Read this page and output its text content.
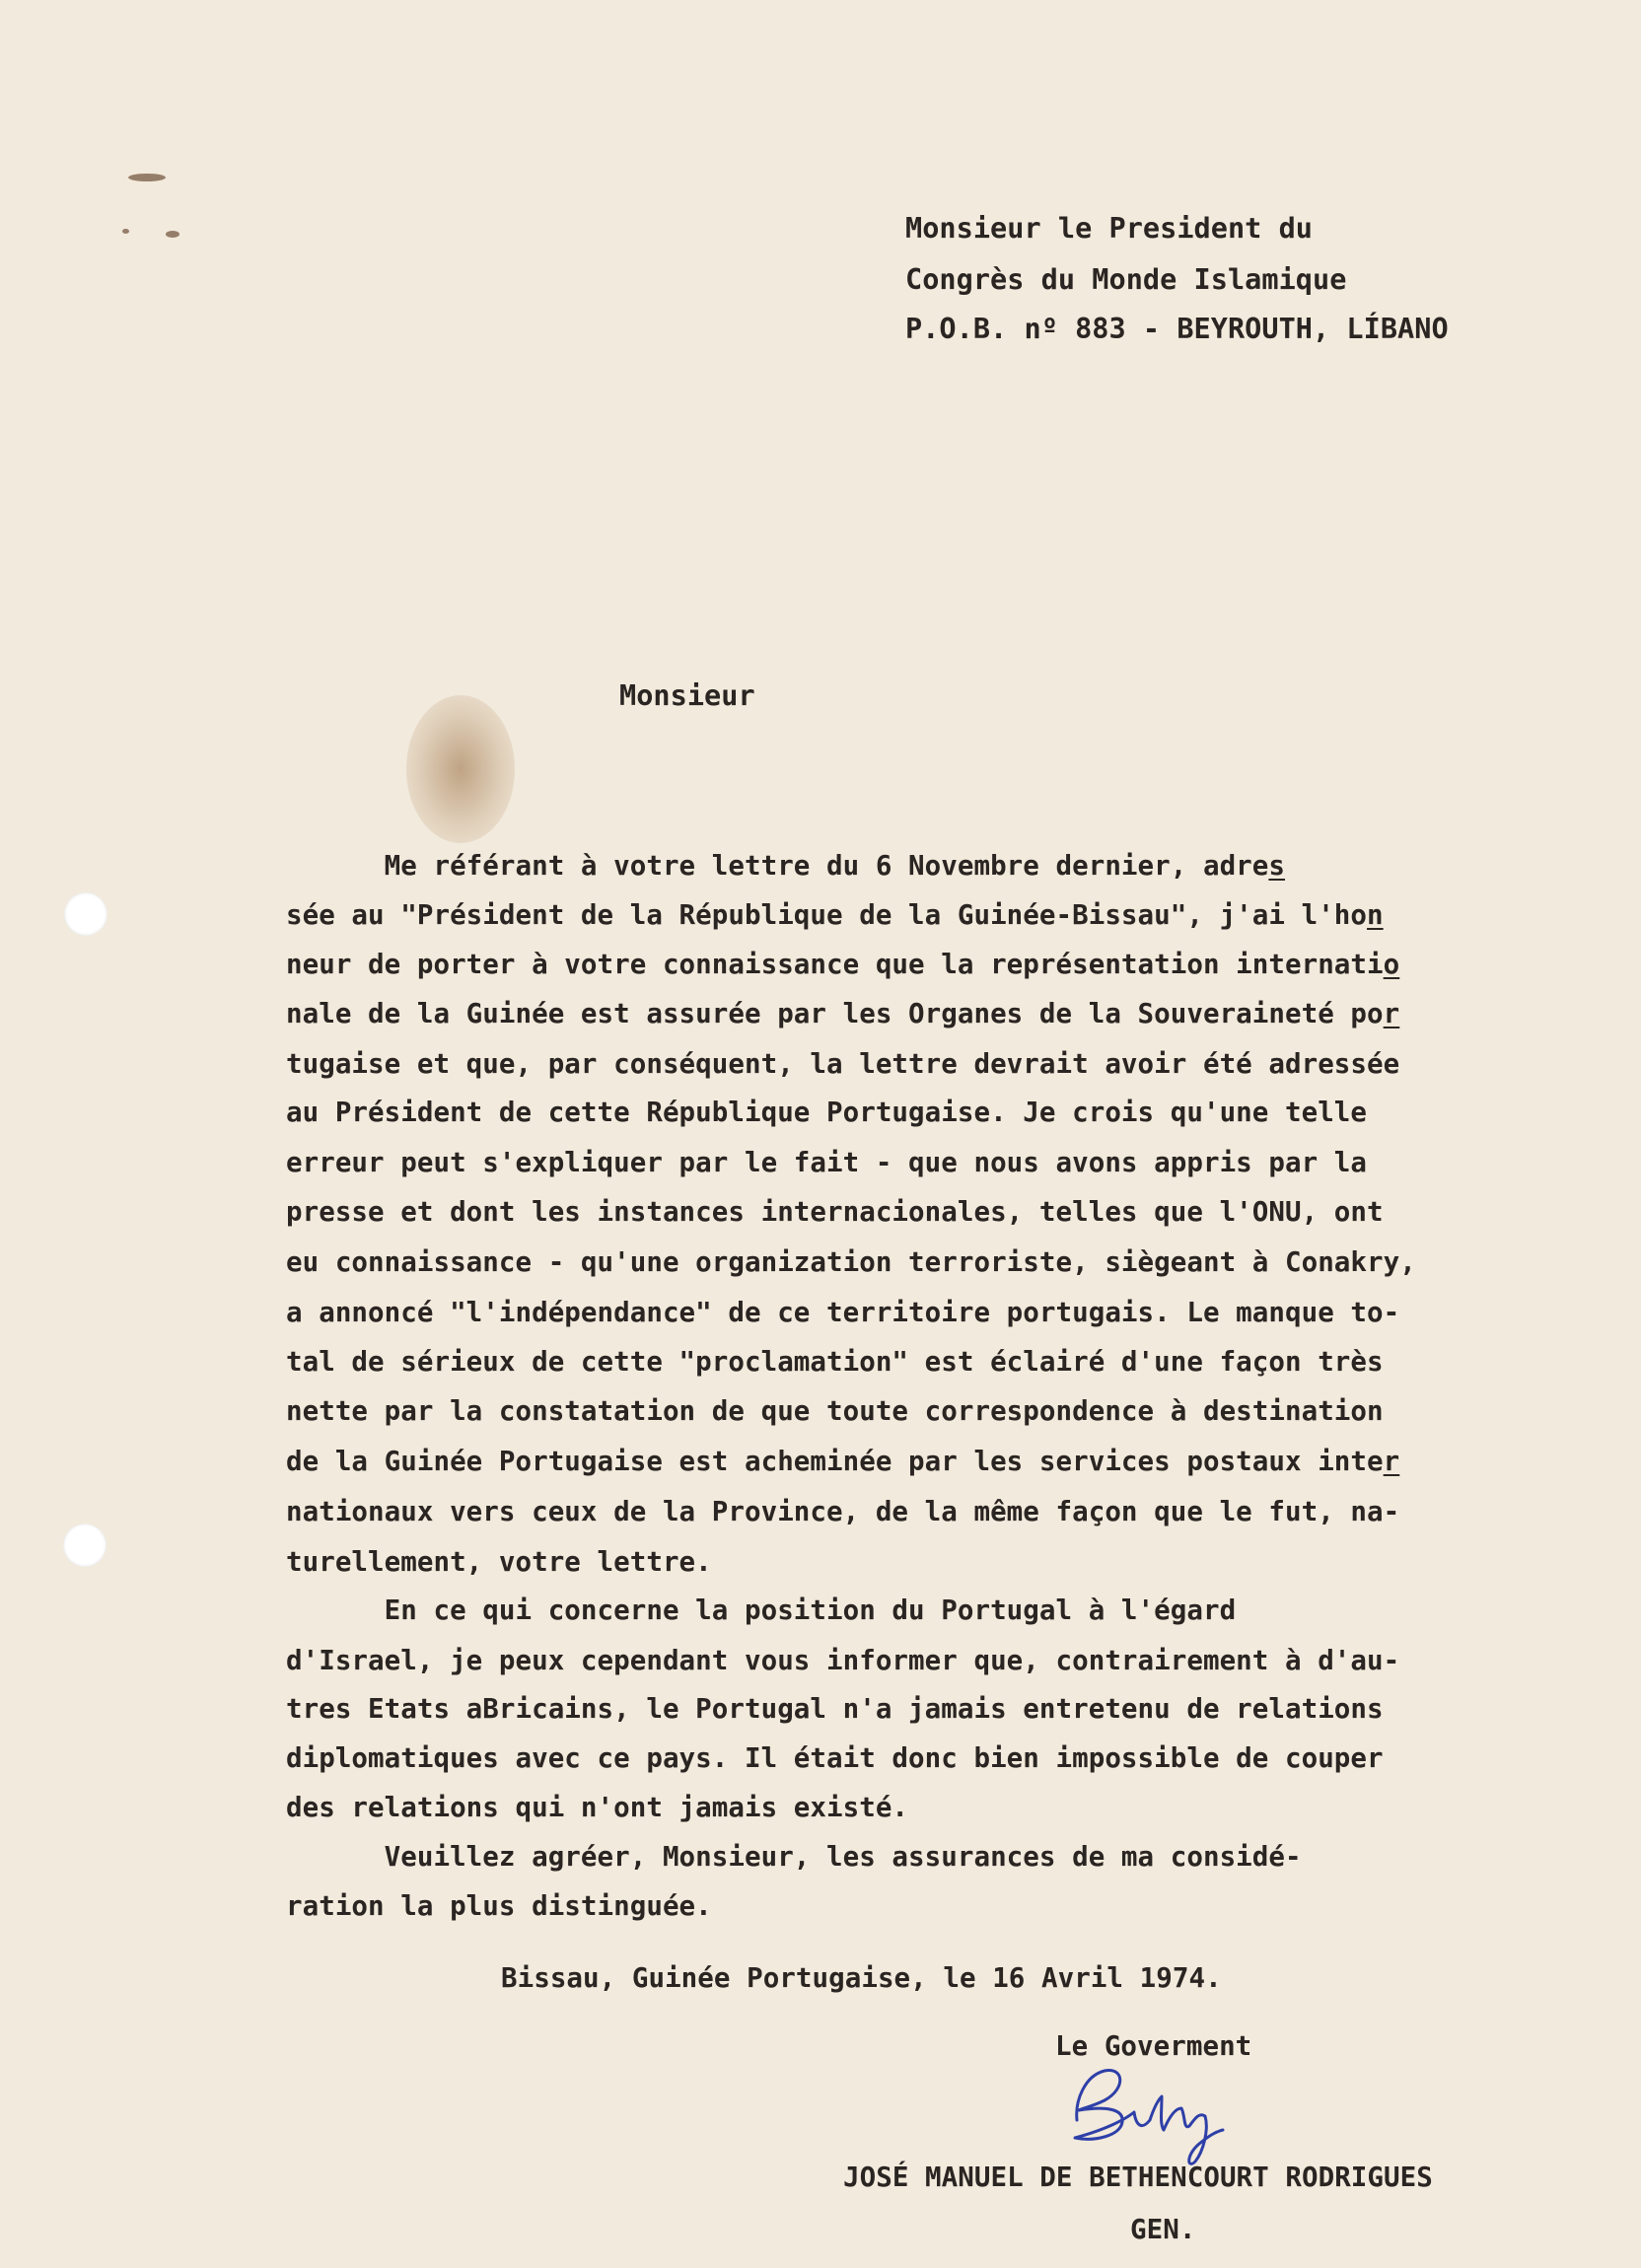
Monsieur le President du
Congrès du Monde Islamique
P.O.B. nº 883 - BEYROUTH, LÍBANO
Monsieur
Me référant à votre lettre du 6 Novembre dernier, adres
sée au "Président de la République de la Guinée-Bissau", j'ai l'hon
neur de porter à votre connaissance que la représentation internatio
nale de la Guinée est assurée par les Organes de la Souveraineté por
tugaise et que, par conséquent, la lettre devrait avoir été adressée
au Président de cette République Portugaise. Je crois qu'une telle
erreur peut s'expliquer par le fait - que nous avons appris par la
presse et dont les instances internacionales, telles que l'ONU, ont
eu connaissance - qu'une organization terroriste, siègeant à Conakry,
a annoncé "l'indépendance" de ce territoire portugais. Le manque to-
tal de sérieux de cette "proclamation" est éclairé d'une façon très
nette par la constatation de que toute correspondence à destination
de la Guinée Portugaise est acheminée par les services postaux inter
nationaux vers ceux de la Province, de la même façon que le fut, na-
turellement, votre lettre.
En ce qui concerne la position du Portugal à l'égard
d'Israel, je peux cependant vous informer que, contrairement à d'au-
tres Etats aBricains, le Portugal n'a jamais entretenu de relations
diplomatiques avec ce pays. Il était donc bien impossible de couper
des relations qui n'ont jamais existé.
Veuillez agréer, Monsieur, les assurances de ma considé-
ration la plus distinguée.
Bissau, Guinée Portugaise, le 16 Avril 1974.
Le Goverment
JOSÉ MANUEL DE BETHENCOURT RODRIGUES
GEN.
